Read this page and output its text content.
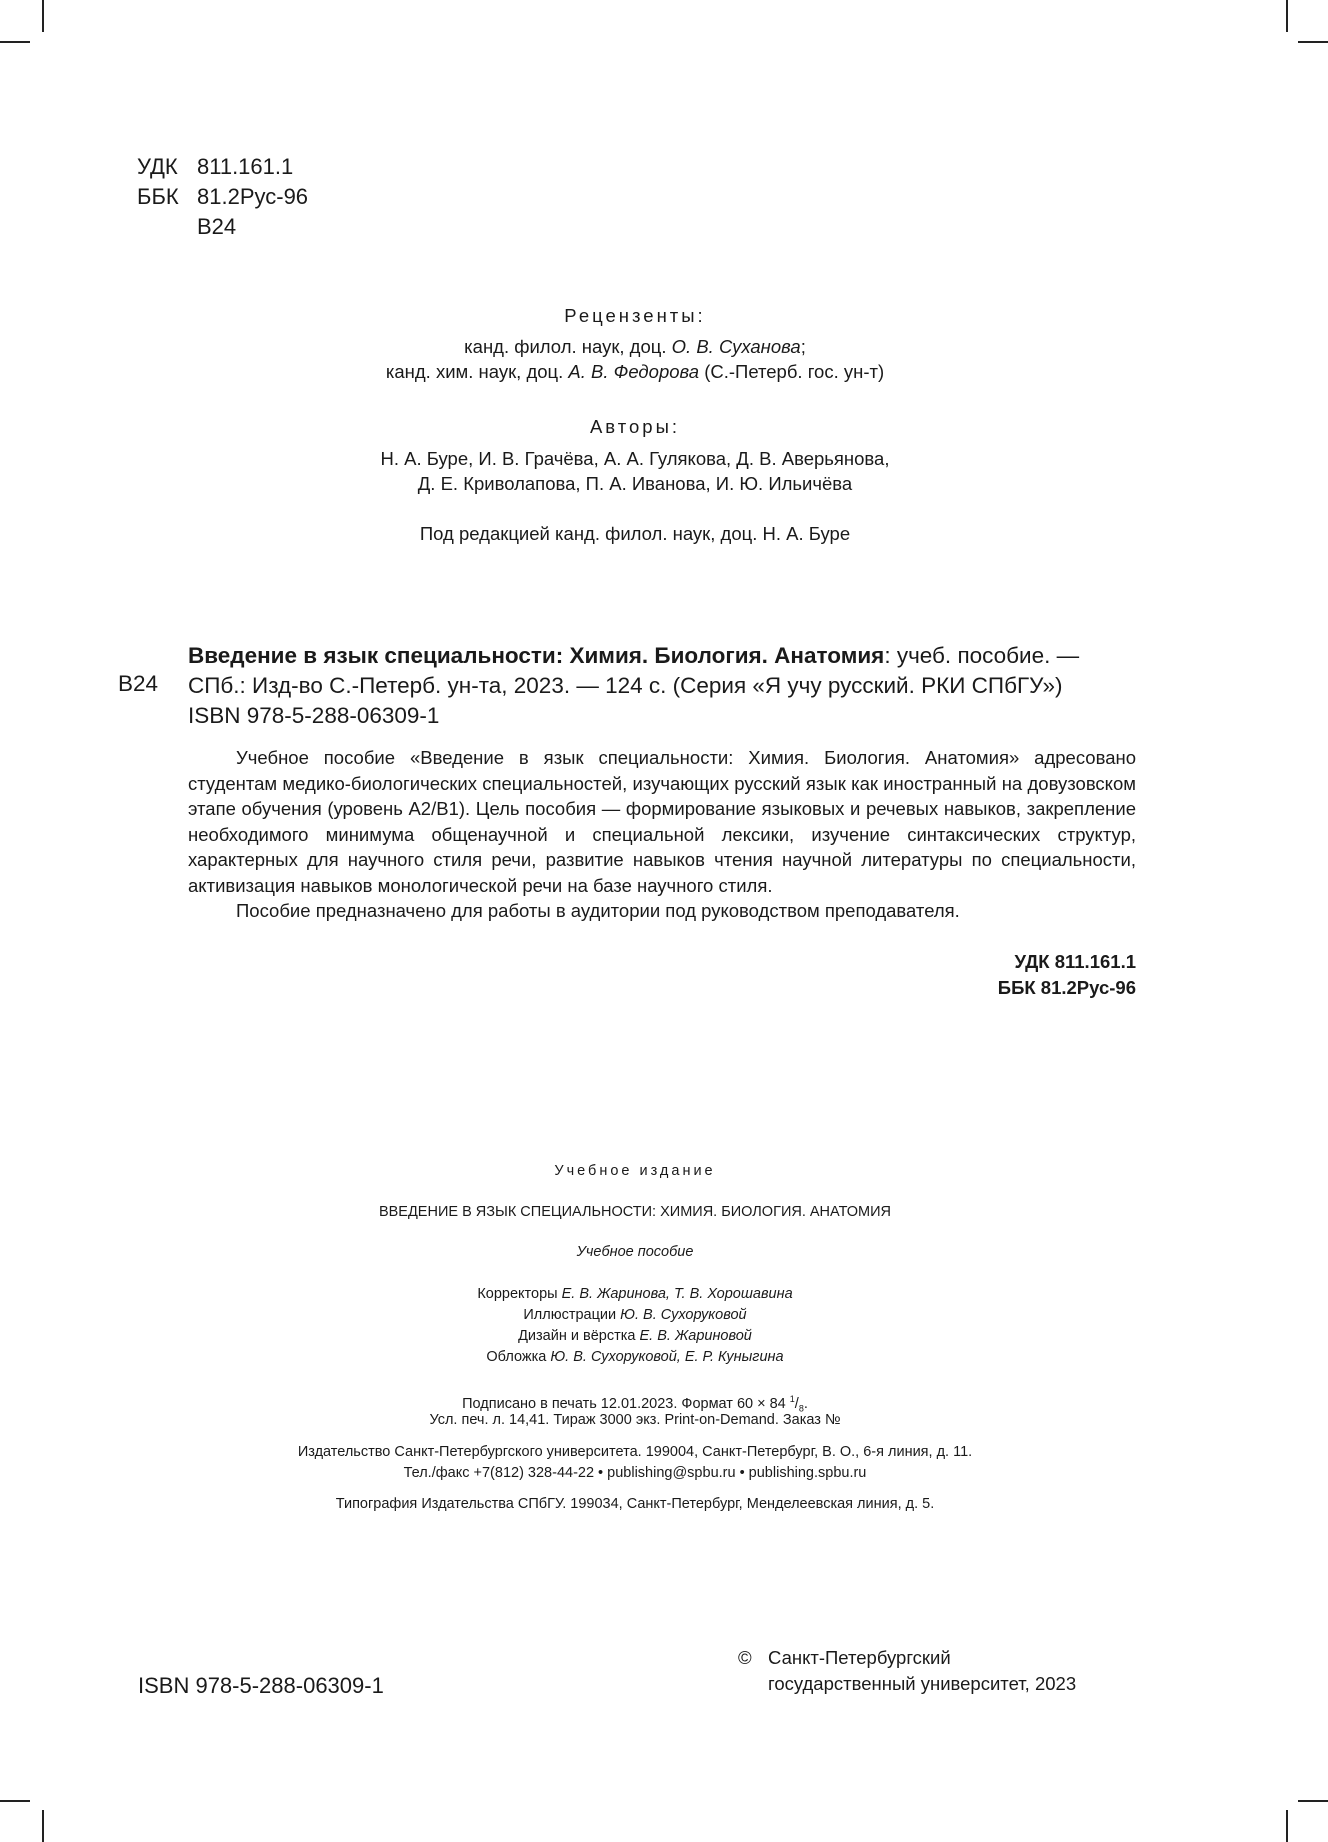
УДК 811.161.1
ББК 81.2Рус-96
В24
Рецензенты:
канд. филол. наук, доц. О. В. Суханова;
канд. хим. наук, доц. А. В. Федорова (С.-Петерб. гос. ун-т)
Авторы:
Н. А. Буре, И. В. Грачёва, А. А. Гулякова, Д. В. Аверьянова,
Д. Е. Криволапова, П. А. Иванова, И. Ю. Ильичёва
Под редакцией канд. филол. наук, доц. Н. А. Буре
В24
Введение в язык специальности: Химия. Биология. Анатомия: учеб. пособие. — СПб.: Изд-во С.-Петерб. ун-та, 2023. — 124 с. (Серия «Я учу русский. РКИ СПбГУ»)
ISBN 978-5-288-06309-1

Учебное пособие «Введение в язык специальности: Химия. Биология. Анатомия» адресовано студентам медико-биологических специальностей, изучающих русский язык как иностранный на довузовском этапе обучения (уровень А2/В1). Цель пособия — формирование языковых и речевых навыков, закрепление необходимого минимума общенаучной и специальной лексики, изучение синтаксических структур, характерных для научного стиля речи, развитие навыков чтения научной литературы по специальности, активизация навыков монологической речи на базе научного стиля.

Пособие предназначено для работы в аудитории под руководством преподавателя.

УДК 811.161.1
ББК 81.2Рус-96
Учебное издание
ВВЕДЕНИЕ В ЯЗЫК СПЕЦИАЛЬНОСТИ: ХИМИЯ. БИОЛОГИЯ. АНАТОМИЯ
Учебное пособие
Корректоры Е. В. Жаринова, Т. В. Хорошавина
Иллюстрации Ю. В. Сухоруковой
Дизайн и вёрстка Е. В. Жариновой
Обложка Ю. В. Сухоруковой, Е. Р. Куныгина
Подписано в печать 12.01.2023. Формат 60 × 84 $^1/_8$.
Усл. печ. л. 14,41. Тираж 3000 экз. Print-on-Demand. Заказ №
Издательство Санкт-Петербургского университета. 199004, Санкт-Петербург, В. О., 6-я линия, д. 11.
Тел./факс +7(812) 328-44-22 • publishing@spbu.ru • publishing.spbu.ru
Типография Издательства СПбГУ. 199034, Санкт-Петербург, Менделеевская линия, д. 5.
ISBN 978-5-288-06309-1
© Санкт-Петербургский
государственный университет, 2023
